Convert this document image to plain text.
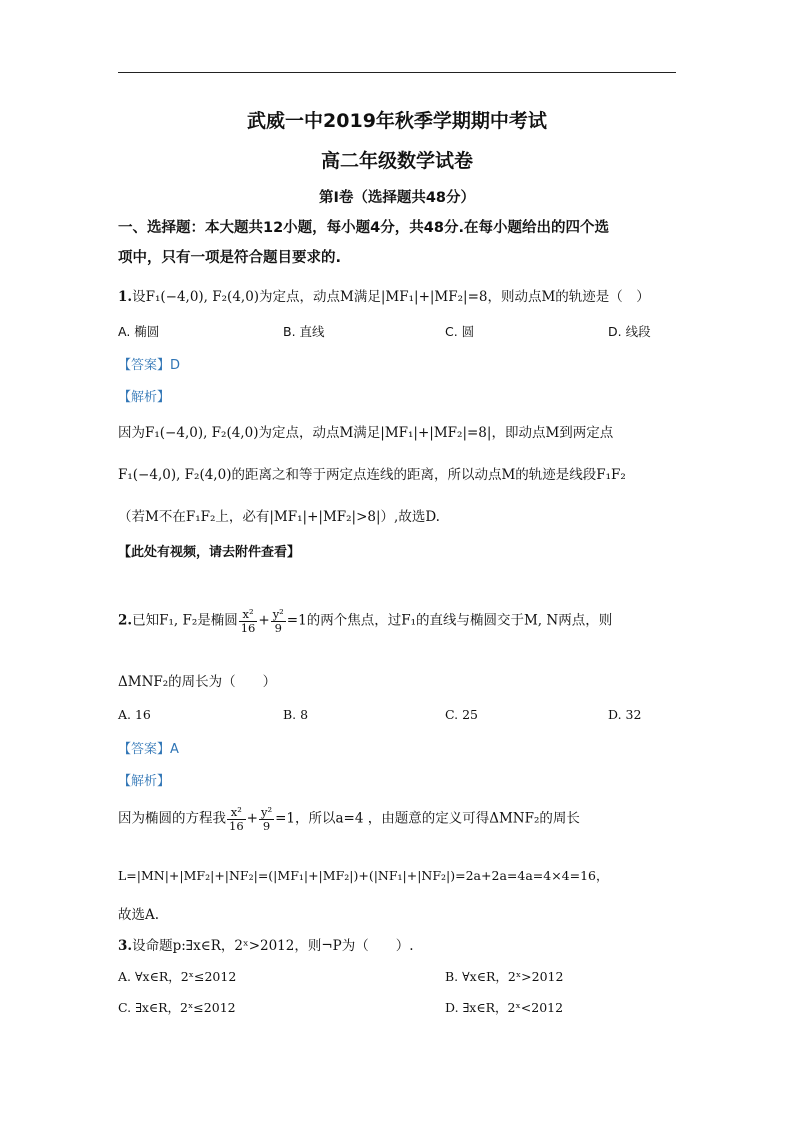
武威一中2019年秋季学期期中考试
高二年级数学试卷
第Ⅰ卷（选择题共48分）
一、选择题：本大题共12小题，每小题4分，共48分.在每小题给出的四个选
项中，只有一项是符合题目要求的.
1.设F₁(−4,0), F₂(4,0)为定点，动点M满足|MF₁|+|MF₂|=8，则动点M的轨迹是（　）
A. 椭圆	B. 直线	C. 圆	D. 线段
【答案】D
【解析】
因为F₁(−4,0), F₂(4,0)为定点，动点M满足|MF₁|+|MF₂|=8|，即动点M到两定点
F₁(−4,0), F₂(4,0)的距离之和等于两定点连线的距离，所以动点M的轨迹是线段F₁F₂
（若M不在F₁F₂上，必有|MF₁|+|MF₂|>8|）,故选D.
【此处有视频，请去附件查看】
2.已知F₁, F₂是椭圆 $\frac{\text{x²}}{16} + \frac{\text{y²}}{9} =1$的两个焦点，过F₁的直线与椭圆交于M, N两点，则
ΔMNF₂的周长为（　　）
A. 16	B. 8	C. 25	D. 32
【答案】A
【解析】
因为椭圆的方程我 $\frac{\text{x²}}{16} + \frac{\text{y²}}{9} =1$，所以a=4 ，由题意的定义可得ΔMNF₂的周长
L=|MN|+|MF₂|+|NF₂|=(|MF₁|+|MF₂|)+(|NF₁|+|NF₂|)=2a+2a=4a=4×4=16，
故选A.
3.设命题p:∃x∈R，2ˣ>2012，则¬P为（　　）.
A. ∀x∈R，2ˣ≤2012	B. ∀x∈R，2ˣ>2012
C. ∃x∈R，2ˣ≤2012	D. ∃x∈R，2ˣ<2012
